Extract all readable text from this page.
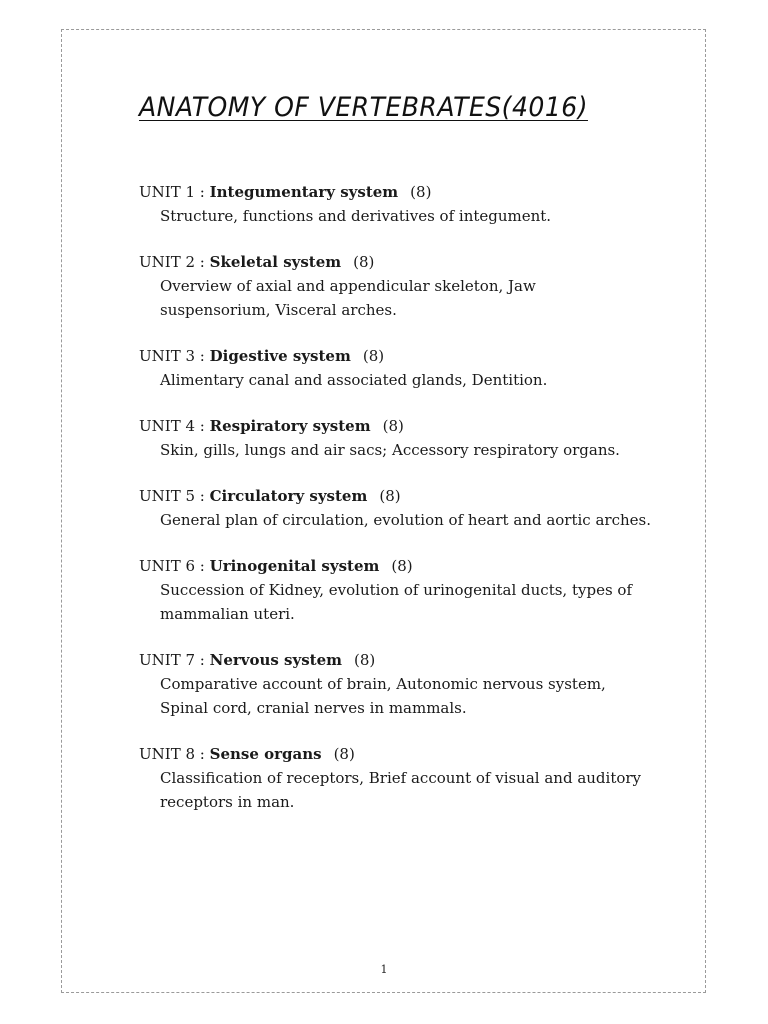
ANATOMY OF VERTEBRATES(4016)
UNIT 1 : Integumentary system (8)
Structure, functions and derivatives of integument.
UNIT 2 : Skeletal system (8)
Overview of axial and appendicular skeleton, Jaw
suspensorium, Visceral arches.
UNIT 3 : Digestive system (8)
Alimentary canal and associated glands, Dentition.
UNIT 4 : Respiratory system (8)
Skin, gills, lungs and air sacs; Accessory respiratory organs.
UNIT 5 : Circulatory system (8)
General plan of circulation, evolution of heart and aortic arches.
UNIT 6 : Urinogenital system (8)
Succession of Kidney, evolution of urinogenital ducts, types of
mammalian uteri.
UNIT 7 : Nervous system (8)
Comparative account of brain, Autonomic nervous system,
Spinal cord, cranial nerves in mammals.
UNIT 8 : Sense organs (8)
Classification of receptors, Brief account of visual and auditory
receptors in man.
1
